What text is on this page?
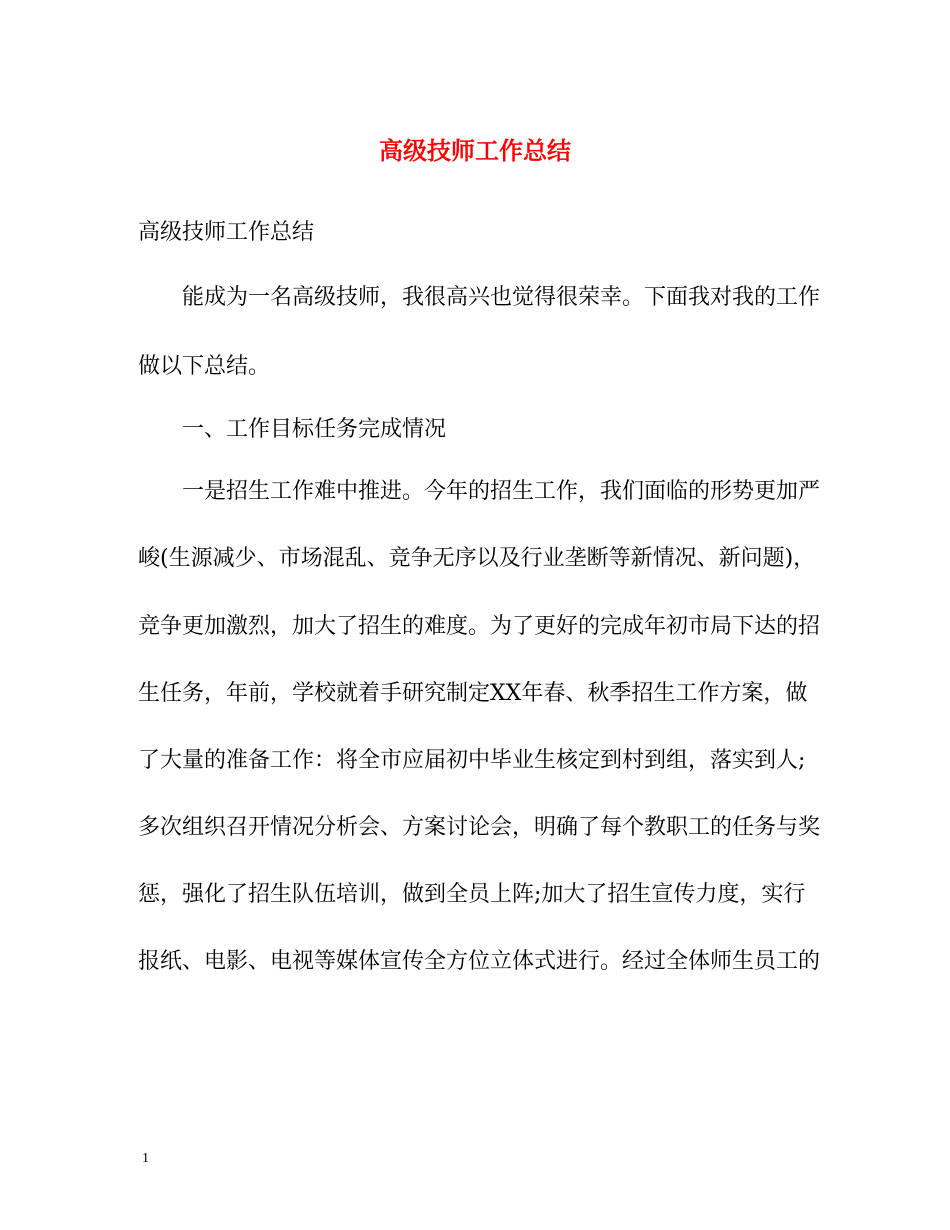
高级技师工作总结
高级技师工作总结
能成为一名高级技师，我很高兴也觉得很荣幸。下面我对我的工作
做以下总结。
一、工作目标任务完成情况
一是招生工作难中推进。今年的招生工作，我们面临的形势更加严
峻(生源减少、市场混乱、竞争无序以及行业垄断等新情况、新问题)，
竞争更加激烈，加大了招生的难度。为了更好的完成年初市局下达的招
生任务，年前，学校就着手研究制定XX年春、秋季招生工作方案，做
了大量的准备工作：将全市应届初中毕业生核定到村到组，落实到人;
多次组织召开情况分析会、方案讨论会，明确了每个教职工的任务与奖
惩，强化了招生队伍培训，做到全员上阵;加大了招生宣传力度，实行
报纸、电影、电视等媒体宣传全方位立体式进行。经过全体师生员工的
1
